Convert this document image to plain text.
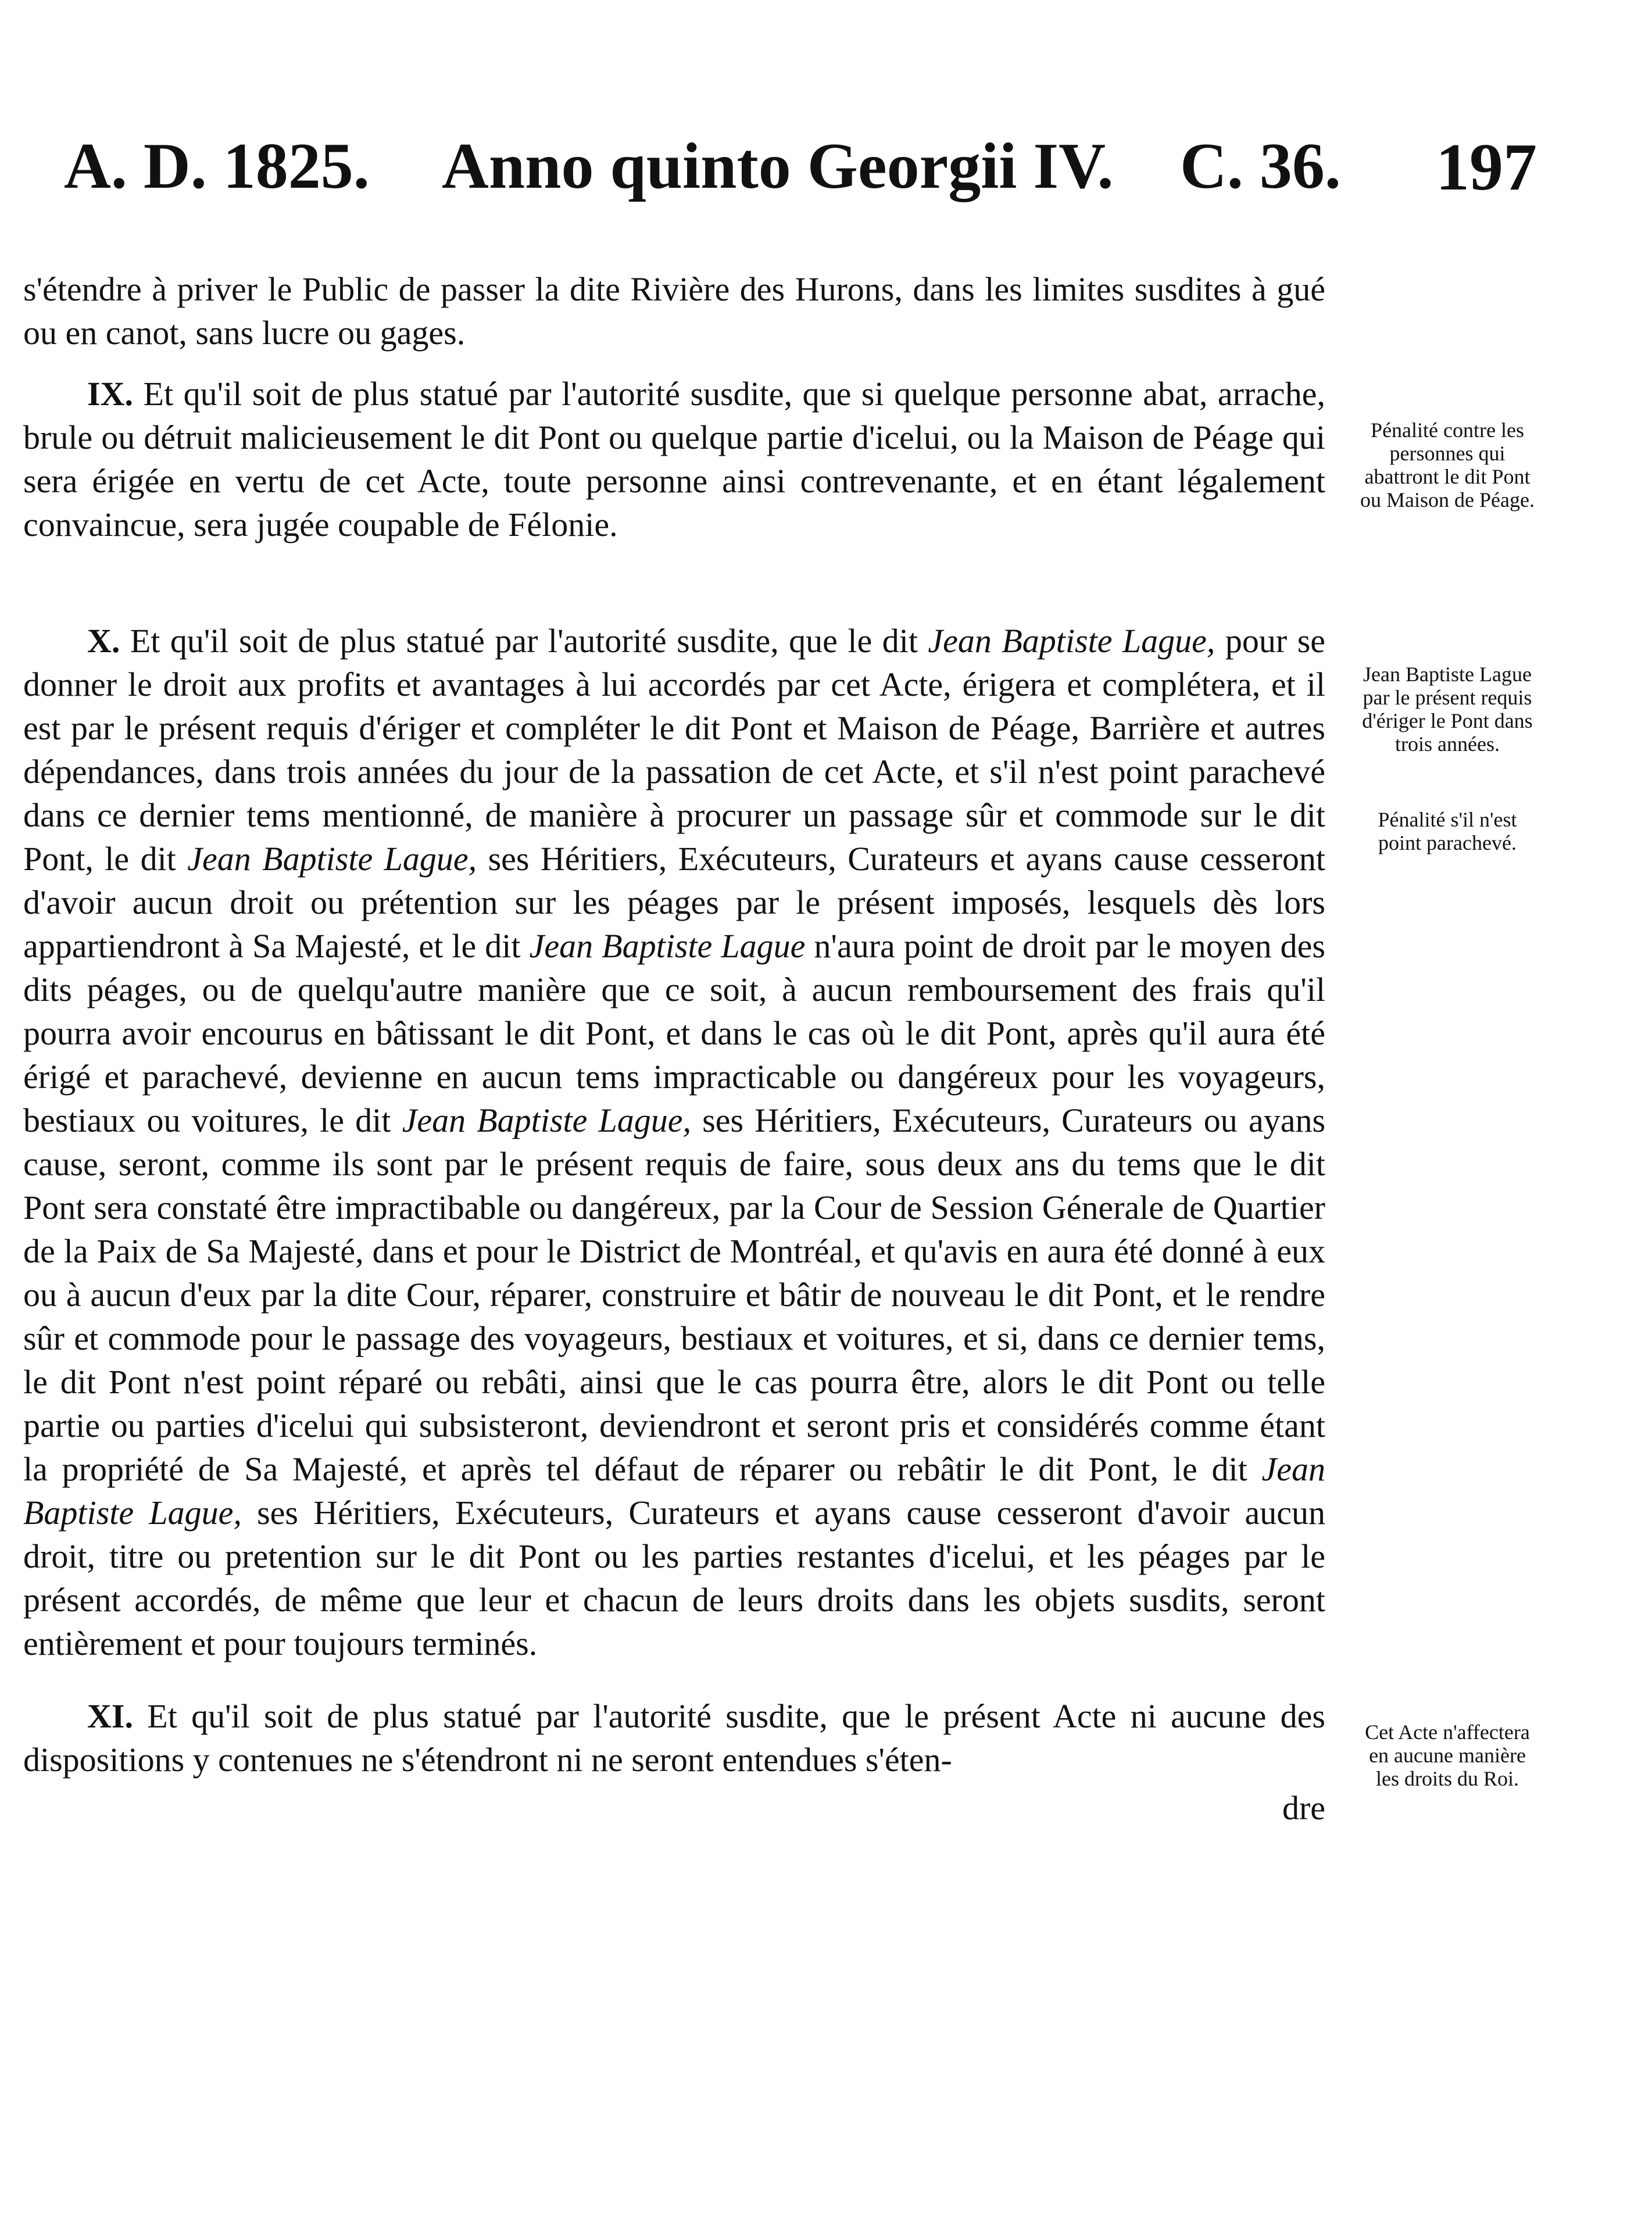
A. D. 1825. Anno quinto Georgii IV. C. 36. 197

s'étendre à priver le Public de passer la dite Rivière des Hurons, dans les limites susdites à gué ou en canot, sans lucre ou gages.

IX. Et qu'il soit de plus statué par l'autorité susdite, que si quelque personne abat, arrache, brule ou détruit malicieusement le dit Pont ou quelque partie d'icelui, ou la Maison de Péage qui sera érigée en vertu de cet Acte, toute personne ainsi contrevenante, et en étant légalement convaincue, sera jugée coupable de Félonie.

X. Et qu'il soit de plus statué par l'autorité susdite, que le dit Jean Baptiste Lague, pour se donner le droit aux profits et avantages à lui accordés par cet Acte, érigera et complétera, et il est par le présent requis d'ériger et compléter le dit Pont et Maison de Péage, Barrière et autres dépendances, dans trois années du jour de la passation de cet Acte, et s'il n'est point parachevé dans ce dernier tems mentionné, de manière à procurer un passage sûr et commode sur le dit Pont, le dit Jean Baptiste Lague, ses Héritiers, Exécuteurs, Curateurs et ayans cause cesseront d'avoir aucun droit ou prétention sur les péages par le présent imposés, lesquels dès lors appartiendront à Sa Majesté, et le dit Jean Baptiste Lague n'aura point de droit par le moyen des dits péages, ou de quelqu'autre manière que ce soit, à aucun remboursement des frais qu'il pourra avoir encourus en bâtissant le dit Pont, et dans le cas où le dit Pont, après qu'il aura été érigé et parachevé, devienne en aucun tems impracticable ou dangéreux pour les voyageurs, bestiaux ou voitures, le dit Jean Baptiste Lague, ses Héritiers, Exécuteurs, Curateurs ou ayans cause, seront, comme ils sont par le présent requis de faire, sous deux ans du tems que le dit Pont sera constaté être impractibable ou dangéreux, par la Cour de Session Génerale de Quartier de la Paix de Sa Majesté, dans et pour le District de Montréal, et qu'avis en aura été donné à eux ou à aucun d'eux par la dite Cour, réparer, construire et bâtir de nouveau le dit Pont, et le rendre sûr et commode pour le passage des voyageurs, bestiaux et voitures, et si, dans ce dernier tems, le dit Pont n'est point réparé ou rebâti, ainsi que le cas pourra être, alors le dit Pont ou telle partie ou parties d'icelui qui subsisteront, deviendront et seront pris et considérés comme étant la propriété de Sa Majesté, et après tel défaut de réparer ou rebâtir le dit Pont, le dit Jean Baptiste Lague, ses Héritiers, Exécuteurs, Curateurs et ayans cause cesseront d'avoir aucun droit, titre ou pretention sur le dit Pont ou les parties restantes d'icelui, et les péages par le présent accordés, de même que leur et chacun de leurs droits dans les objets susdits, seront entièrement et pour toujours terminés.

XI. Et qu'il soit de plus statué par l'autorité susdite, que le présent Acte ni aucune des dispositions y contenues ne s'étendront ni ne seront entendues s'éten-

dre
Pénalité contre les personnes qui abattront le dit Pont ou Maison de Péage.
Jean Baptiste Lague par le présent requis d'ériger le Pont dans trois années.
Pénalité s'il n'est point parachevé.
Cet Acte n'affectera en aucune manière les droits du Roi.
